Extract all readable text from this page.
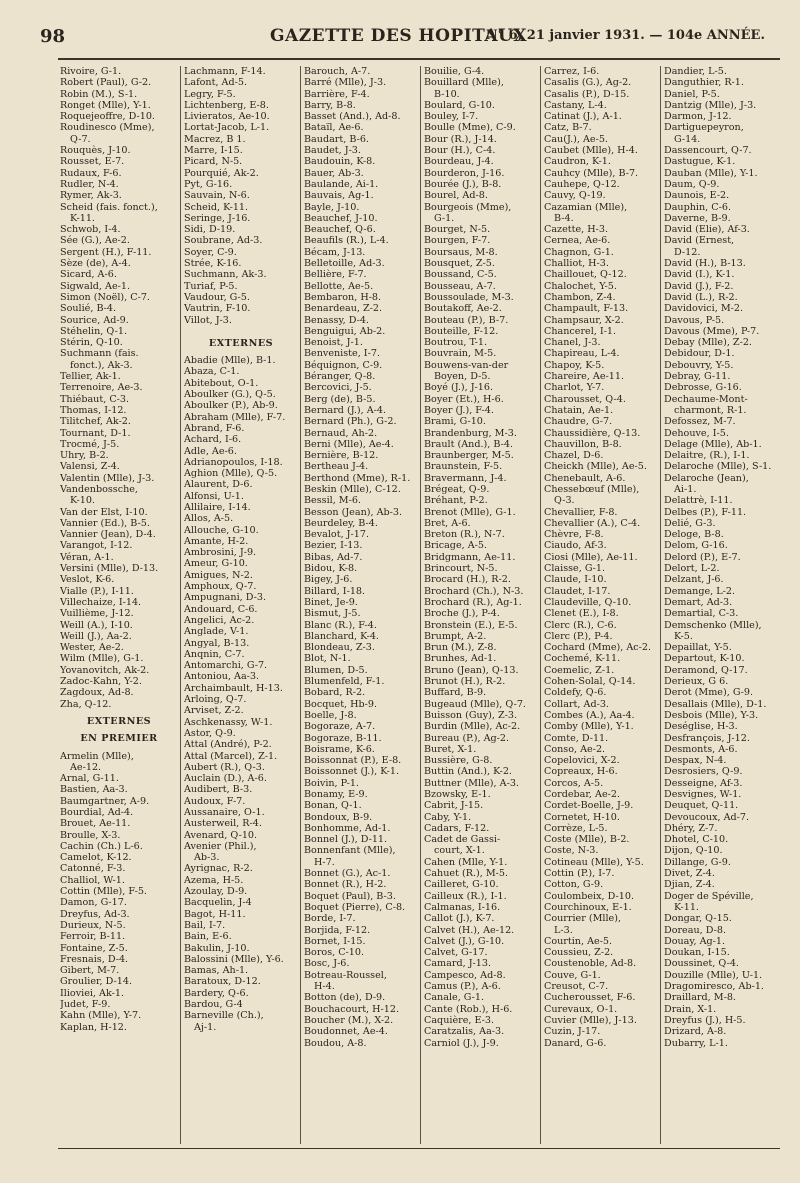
98	GAZETTE DES HOPITAUX
N° 6, 21 janvier 1931. — 104e ANNÉE.
Rivoire, G-1.
Robert (Paul), G-2.
Robin (M.), S-1.
Ronget (Mlle), Y-1.
Roquejeoffre, D-10.
Roudinesco (Mme),
Q-7.
Rouquès, J-10.
Rousset, E-7.
Rudaux, F-6.
Rudler, N-4.
Rymer, Ak-3.
Scheid (fais. fonct.),
K-11.
Schwob, I-4.
Sée (G.), Ae-2.
Sergent (H.), F-11.
Sèze (de), A-4.
Sicard, A-6.
Sigwald, Ae-1.
Simon (Noël), C-7.
Soulié, B-4.
Sourice, Ad-9.
Stéhelin, Q-1.
Stérin, Q-10.
Suchmann (fais.
fonct.), Ak-3.
Tellier, Ak-1.
Terrenoire, Ae-3.
Thiébaut, C-3.
Thomas, I-12.
Tilitchef, Ak-2.
Tournant, D-1.
Trocmé, J-5.
Uhry, B-2.
Valensi, Z-4.
Valentin (Mlle), J-3.
Vandenbossche,
K-10.
Van der Elst, I-10.
Vannier (Ed.), B-5.
Vannier (Jean), D-4.
Varangot, I-12.
Véran, A-1.
Versini (Mlle), D-13.
Veslot, K-6.
Vialle (P.), I-11.
Villechaize, I-14.
Vuillième, J-12.
Weill (A.), I-10.
Weill (J.), Aa-2.
Wester, Ae-2.
Wilm (Mlle), G-1.
Yovanovitch, Ak-2.
Zadoc-Kahn, Y-2.
Zagdoux, Ad-8.
Zha, Q-12.
EXTERNES
EN PREMIER
Armelin (Mlle),
Ae-12.
Arnal, G-11.
Bastien, Aa-3.
Baumgartner, A-9.
Bourdial, Ad-4.
Brouet, Ae-11.
Broulle, X-3.
Cachin (Ch.) L-6.
Camelot, K-12.
Catonné, F-3.
Challiol, W-1.
Cottin (Mlle), F-5.
Damon, G-17.
Dreyfus, Ad-3.
Durieux, N-5.
Ferroir, B-11.
Fontaine, Z-5.
Fresnais, D-4.
Gibert, M-7.
Groulier, D-14.
Ilioviei, Ak-1.
Judet, F-9.
Kahn (Mlle), Y-7.
Kaplan, H-12.
Lachmann, F-14.
Lafont, Ad-5.
Legry, F-5.
Lichtenberg, E-8.
Livieratos, Ae-10.
Lortat-Jacob, L-1.
Macrez, B 1.
Marre, I-15.
Picard, N-5.
Pourquié, Ak-2.
Pyt, G-16.
Sauvain, N-6.
Scheid, K-11.
Seringe, J-16.
Sidi, D-19.
Soubrane, Ad-3.
Soyer, C-9.
Strée, K-16.
Suchmann, Ak-3.
Turiaf, P-5.
Vaudour, G-5.
Vautrin, F-10.
Villot, J-3.
EXTERNES
Abadie (Mlle), B-1.
Abaza, C-1.
Abitebout, O-1.
Aboulker (G.), Q-5.
Aboulker (P.), Ab-9.
Abraham (Mlle), F-7.
Abrand, F-6.
Achard, I-6.
Adle, Ae-6.
Adrianopoulos, I-18.
Aghion (Mlle), Q-5.
Alaurent, D-6.
Alfonsi, U-1.
Allilaire, I-14.
Allos, A-5.
Allouche, G-10.
Amante, H-2.
Ambrosini, J-9.
Ameur, G-10.
Amigues, N-2.
Amphoux, Q-7.
Ampugnani, D-3.
Andouard, C-6.
Angelici, Ac-2.
Anglade, V-1.
Angyal, B-13.
Anqnin, C-7.
Antomarchi, G-7.
Antoniou, Aa-3.
Archaimbault, H-13.
Arloing, Q-7.
Arviset, Z-2.
Aschkenassy, W-1.
Astor, Q-9.
Attal (André), P-2.
Attal (Marcel), Z-1.
Aubert (R.), Q-3.
Auclain (D.), A-6.
Audibert, B-3.
Audoux, F-7.
Aussanaire, O-1.
Austerweil, R-4.
Avenard, Q-10.
Avenier (Phil.),
Ab-3.
Ayrignac, R-2.
Azema, H-5.
Azoulay, D-9.
Bacquelin, J-4
Bagot, H-11.
Bail, I-7.
Bain, E-6.
Bakulin, J-10.
Balossini (Mlle), Y-6.
Bamas, Ah-1.
Baratoux, D-12.
Bardery, Q-6.
Bardou, G-4
Barneville (Ch.),
Aj-1.
Barouch, A-7.
Barré (Mlle), J-3.
Barrière, F-4.
Barry, B-8.
Basset (And.), Ad-8.
Bataïl, Ae-6.
Baudart, B-6.
Baudet, J-3.
Baudouin, K-8.
Bauer, Ab-3.
Baulande, Ai-1.
Bauvais, Ag-1.
Bayle, J-10.
Beauchef, J-10.
Beauchef, Q-6.
Beaufils (R.), L-4.
Bécam, J-13.
Belletoille, Ad-3.
Bellière, F-7.
Bellotte, Ae-5.
Bembaron, H-8.
Benardeau, Z-2.
Benassy, D-4.
Benguigui, Ab-2.
Benoist, J-1.
Benveniste, I-7.
Béquignon, C-9.
Béranger, Q-8.
Bercovici, J-5.
Berg (de), B-5.
Bernard (J.), A-4.
Bernard (Ph.), G-2.
Bernaud, Ah-2.
Berni (Mlle), Ae-4.
Bernière, B-12.
Bertheau J-4.
Berthond (Mme), R-1.
Beskin (Mlle), C-12.
Bessil, M-6.
Besson (Jean), Ab-3.
Beurdeley, B-4.
Bevalot, J-17.
Bezier, I-13.
Bibas, Ad-7.
Bidou, K-8.
Bigey, J-6.
Billard, I-18.
Binet, Je-9.
Bismut, J-5.
Blanc (R.), F-4.
Blanchard, K-4.
Blondeau, Z-3.
Blot, N-1.
Blumen, D-5.
Blumenfeld, F-1.
Bobard, R-2.
Bocquet, Hb-9.
Boelle, J-8.
Bogoraze, A-7.
Bogoraze, B-11.
Boisrame, K-6.
Boissonnat (P.), E-8.
Boissonnet (J.), K-1.
Boivin, P-1.
Bonamy, E-9.
Bonan, Q-1.
Bondoux, B-9.
Bonhomme, Ad-1.
Bonnel (J.), D-11.
Bonnenfant (Mlle),
H-7.
Bonnet (G.), Ac-1.
Bonnet (R.), H-2.
Boquet (Paul), B-3.
Boquet (Pierre), C-8.
Borde, I-7.
Borjida, F-12.
Bornet, I-15.
Boros, C-10.
Bosc, J-6.
Botreau-Roussel,
H-4.
Botton (de), D-9.
Bouchacourt, H-12.
Boucher (M.), X-2.
Boudonnet, Ae-4.
Boudou, A-8.
Bouilie, G-4.
Bouillard (Mlle),
B-10.
Boulard, G-10.
Bouley, I-7.
Boulle (Mme), C-9.
Bour (R.), J-14.
Bour (H.), C-4.
Bourdeau, J-4.
Bourderon, J-16.
Bourée (J.), B-8.
Bourel, Ad-8.
Bourgeois (Mme),
G-1.
Bourget, N-5.
Bourgen, F-7.
Boursaus, M-8.
Bousquet, Z-5.
Boussand, C-5.
Bousseau, A-7.
Boussoulade, M-3.
Boutakoff, Ae-2.
Bouteau (P.), B-7.
Bouteille, F-12.
Boutrou, T-1.
Bouvrain, M-5.
Bouwens-van-der
Boyen, D-5.
Boyé (J.), J-16.
Boyer (Et.), H-6.
Boyer (J.), F-4.
Brami, G-10.
Brandenburg, M-3.
Brault (And.), B-4.
Braunberger, M-5.
Braunstein, F-5.
Bravermann, J-4.
Brégeat, Q-9.
Bréhant, P-2.
Brenot (Mlle), G-1.
Bret, A-6.
Breton (R.), N-7.
Bricage, A-5.
Bridgmann, Ae-11.
Brincourt, N-5.
Brocard (H.), R-2.
Brochard (Ch.), N-3.
Brochard (R.), Ag-1.
Broche (J.), P-4.
Bronstein (E.), E-5.
Brumpt, A-2.
Brun (M.), Z-8.
Brunhes, Ad-1.
Bruno (Jean), Q-13.
Brunot (H.), R-2.
Buffard, B-9.
Bugeaud (Mlle), Q-7.
Buisson (Guy), Z-3.
Burdin (Mlle), Ac-2.
Bureau (P.), Ag-2.
Buret, X-1.
Bussière, G-8.
Buttin (And.), K-2.
Buttner (Mlle), A-3.
Bzowsky, E-1.
Cabrit, J-15.
Caby, Y-1.
Cadars, F-12.
Cadet de Gassi-
court, X-1.
Cahen (Mlle, Y-1.
Cahuet (R.), M-5.
Cailleret, G-10.
Cailleux (R.), I-1.
Calmanas, I-16.
Callot (J.), K-7.
Calvet (H.), Ae-12.
Calvet (J.), G-10.
Calvet, G-17.
Camard, J-13.
Campesco, Ad-8.
Camus (P.), A-6.
Canale, G-1.
Cante (Rob.), H-6.
Caquière, E-3.
Caratzalis, Aa-3.
Carniol (J.), J-9.
Carrez, I-6.
Casalis (G.), Ag-2.
Casalis (P.), D-15.
Castany, L-4.
Catinat (J.), A-1.
Catz, B-7.
Cau(J.), Ae-5.
Caubet (Mlle), H-4.
Caudron, K-1.
Cauhcy (Mlle), B-7.
Cauhepe, Q-12.
Cauvy, Q-19.
Cazamian (Mlle),
B-4.
Cazette, H-3.
Cernea, Ae-6.
Chagnon, G-1.
Challiot, H-3.
Chaillouet, Q-12.
Chalochet, Y-5.
Chambon, Z-4.
Champault, F-13.
Champsaur, X-2.
Chancerel, I-1.
Chanel, J-3.
Chapireau, L-4.
Chapoy, K-5.
Chareire, Ae-11.
Charlot, Y-7.
Charousset, Q-4.
Chatain, Ae-1.
Chaudre, G-7.
Chaussidière, Q-13.
Chauvillon, B-8.
Chazel, D-6.
Cheickh (Mlle), Ae-5.
Chenebault, A-6.
Chessebœuf (Mlle),
Q-3.
Chevallier, F-8.
Chevallier (A.), C-4.
Chèvre, F-8.
Ciaudo, Af-3.
Ciosi (Mlle), Ae-11.
Claisse, G-1.
Claude, I-10.
Claudet, I-17.
Claudeville, Q-10.
Clenet (E.), I-8.
Clerc (R.), C-6.
Clerc (P.), P-4.
Cochard (Mme), Ac-2.
Cochemé, K-11.
Coemelic, Z-1.
Cohen-Solal, Q-14.
Coldefy, Q-6.
Collart, Ad-3.
Combes (A.), Aa-4.
Comby (Mlle), Y-1.
Comte, D-11.
Conso, Ae-2.
Copelovici, X-2.
Copreaux, H-6.
Corcos, A-5.
Cordebar, Ae-2.
Cordet-Boelle, J-9.
Cornetet, H-10.
Corrèze, L-5.
Coste (Mlle), B-2.
Coste, N-3.
Cotineau (Mlle), Y-5.
Cottin (P.), I-7.
Cotton, G-9.
Coulombeix, D-10.
Courchinoux, E-1.
Courrier (Mlle),
L-3.
Courtin, Ae-5.
Coussieu, Z-2.
Coustenoble, Ad-8.
Couve, G-1.
Creusot, C-7.
Cucherousset, F-6.
Curevaux, O-1.
Cuvier (Mlle), J-13.
Cuzin, J-17.
Danard, G-6.
Dandier, L-5.
Danguthier, R-1.
Daniel, P-5.
Dantzig (Mlle), J-3.
Darmon, J-12.
Dartiguepeyron,
G-14.
Dassencourt, Q-7.
Dastugue, K-1.
Dauban (Mlle), Y-1.
Daum, Q-9.
Daunois, E-2.
Dauphin, C-6.
Daverne, B-9.
David (Elie), Af-3.
David (Ernest,
D-12.
David (H.), B-13.
David (I.), K-1.
David (J.), F-2.
David (L.), R-2.
Davidovici, M-2.
Davous, P-5.
Davous (Mme), P-7.
Debay (Mlle), Z-2.
Debidour, D-1.
Debouvry, Y-5.
Debray, G-11.
Debrosse, G-16.
Dechaume-Mont-
charmont, R-1.
Defossez, M-7.
Dehouve, I-5.
Delage (Mlle), Ab-1.
Delaitre, (R.), I-1.
Delaroche (Mlle), S-1.
Delaroche (Jean),
Ai-1.
Delattrè, I-11.
Delbes (P.), F-11.
Delié, G-3.
Deloge, B-8.
Delom, G-16.
Delord (P.), E-7.
Delort, L-2.
Delzant, J-6.
Demange, L-2.
Demart, Ad-3.
Demartial, C-3.
Demschenko (Mlle),
K-5.
Depaillat, Y-5.
Departout, K-10.
Deramond, Q-17.
Derieux, G 6.
Derot (Mme), G-9.
Desallais (Mlle), D-1.
Desbois (Mlle), Y-3.
Deséglise, H-3.
Desfrançois, J-12.
Desmonts, A-6.
Despax, N-4.
Desrosiers, Q-9.
Desseigne, Af-3.
Desvignes, W-1.
Deuquet, Q-11.
Devoucoux, Ad-7.
Dhéry, Z-7.
Dhotel, C-10.
Dijon, Q-10.
Dillange, G-9.
Divet, Z-4.
Djian, Z-4.
Doger de Spéville,
K-11.
Dongar, Q-15.
Doreau, D-8.
Douay, Ag-1.
Doukan, I-15.
Doussinet, Q-4.
Douzille (Mlle), U-1.
Dragomiresco, Ab-1.
Draillard, M-8.
Drain, X-1.
Dreyfus (J.), H-5.
Drizard, A-8.
Dubarry, L-1.
